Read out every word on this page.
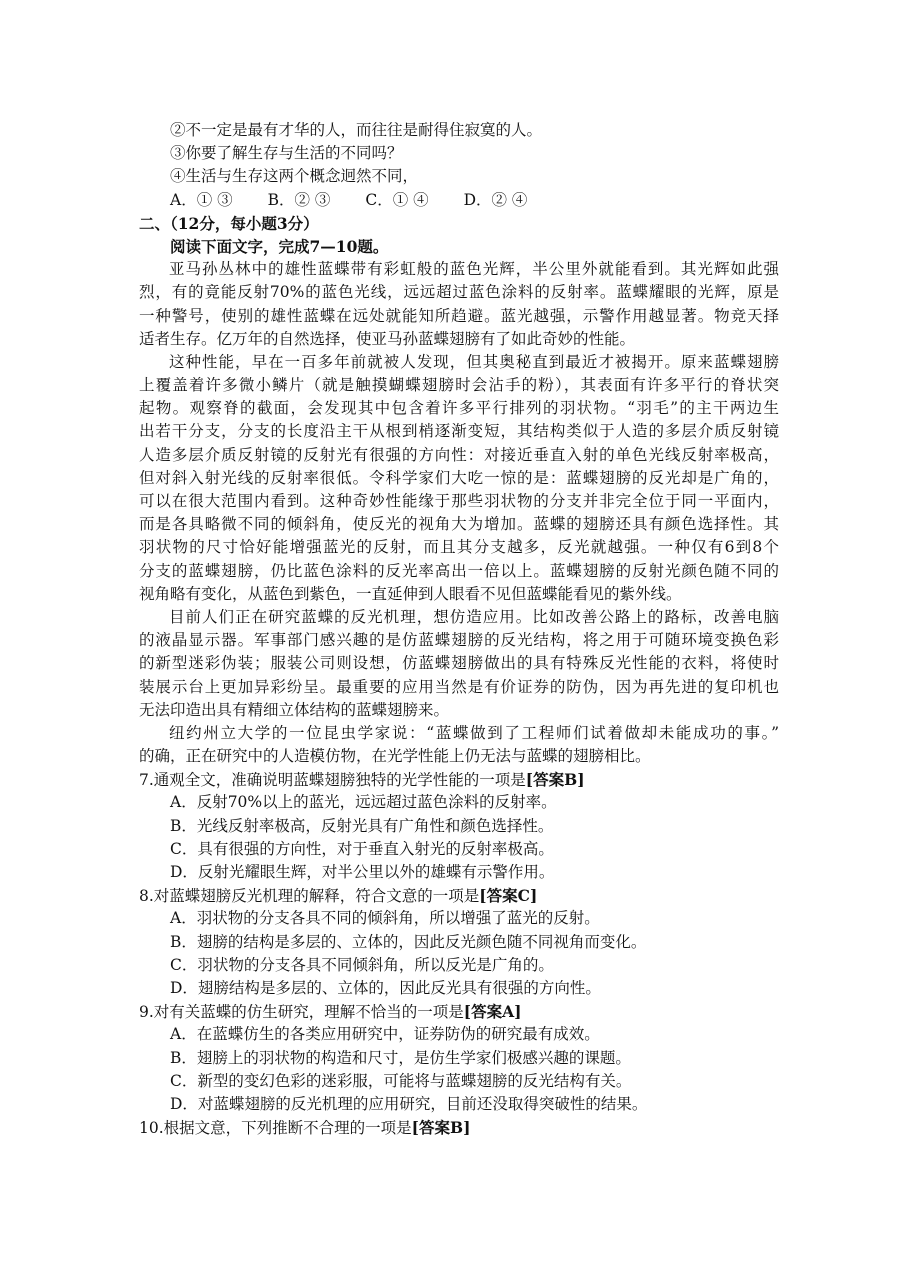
②不一定是最有才华的人，而往往是耐得住寂寞的人。
③你要了解生存与生活的不同吗？
④生活与生存这两个概念迥然不同，
A．① ③ B．② ③ C．① ④ D．② ④
二、（12分，每小题3分）
阅读下面文字，完成7—10题。
亚马孙丛林中的雄性蓝蝶带有彩虹般的蓝色光辉，半公里外就能看到。其光辉如此强
烈，有的竟能反射70%的蓝色光线，远远超过蓝色涂料的反射率。蓝蝶耀眼的光辉，原是
一种警号，使别的雄性蓝蝶在远处就能知所趋避。蓝光越强，示警作用越显著。物竞天择
适者生存。亿万年的自然选择，使亚马孙蓝蝶翅膀有了如此奇妙的性能。
这种性能，早在一百多年前就被人发现，但其奥秘直到最近才被揭开。原来蓝蝶翅膀
上覆盖着许多微小鳞片（就是触摸蝴蝶翅膀时会沾手的粉），其表面有许多平行的脊状突
起物。观察脊的截面，会发现其中包含着许多平行排列的羽状物。“羽毛”的主干两边生
出若干分支，分支的长度沿主干从根到梢逐渐变短，其结构类似于人造的多层介质反射镜
人造多层介质反射镜的反射光有很强的方向性：对接近垂直入射的单色光线反射率极高，
但对斜入射光线的反射率很低。令科学家们大吃一惊的是：蓝蝶翅膀的反光却是广角的，
可以在很大范围内看到。这种奇妙性能缘于那些羽状物的分支并非完全位于同一平面内，
而是各具略微不同的倾斜角，使反光的视角大为增加。蓝蝶的翅膀还具有颜色选择性。其
羽状物的尺寸恰好能增强蓝光的反射，而且其分支越多，反光就越强。一种仅有6到8个
分支的蓝蝶翅膀，仍比蓝色涂料的反光率高出一倍以上。蓝蝶翅膀的反射光颜色随不同的
视角略有变化，从蓝色到紫色，一直延伸到人眼看不见但蓝蝶能看见的紫外线。
目前人们正在研究蓝蝶的反光机理，想仿造应用。比如改善公路上的路标，改善电脑
的液晶显示器。军事部门感兴趣的是仿蓝蝶翅膀的反光结构，将之用于可随环境变换色彩
的新型迷彩伪装；服装公司则设想，仿蓝蝶翅膀做出的具有特殊反光性能的衣料，将使时
装展示台上更加异彩纷呈。最重要的应用当然是有价证券的防伪，因为再先进的复印机也
无法印造出具有精细立体结构的蓝蝶翅膀来。
纽约州立大学的一位昆虫学家说：“蓝蝶做到了工程师们试着做却未能成功的事。”
的确，正在研究中的人造模仿物，在光学性能上仍无法与蓝蝶的翅膀相比。
7.通观全文，准确说明蓝蝶翅膀独特的光学性能的一项是[答案B]
A．反射70%以上的蓝光，远远超过蓝色涂料的反射率。
B．光线反射率极高，反射光具有广角性和颜色选择性。
C．具有很强的方向性，对于垂直入射光的反射率极高。
D．反射光耀眼生辉，对半公里以外的雄蝶有示警作用。
8.对蓝蝶翅膀反光机理的解释，符合文意的一项是[答案C]
A．羽状物的分支各具不同的倾斜角，所以增强了蓝光的反射。
B．翅膀的结构是多层的、立体的，因此反光颜色随不同视角而变化。
C．羽状物的分支各具不同倾斜角，所以反光是广角的。
D．翅膀结构是多层的、立体的，因此反光具有很强的方向性。
9.对有关蓝蝶的仿生研究，理解不恰当的一项是[答案A]
A．在蓝蝶仿生的各类应用研究中，证券防伪的研究最有成效。
B．翅膀上的羽状物的构造和尺寸，是仿生学家们极感兴趣的课题。
C．新型的变幻色彩的迷彩服，可能将与蓝蝶翅膀的反光结构有关。
D．对蓝蝶翅膀的反光机理的应用研究，目前还没取得突破性的结果。
10.根据文意，下列推断不合理的一项是[答案B]
